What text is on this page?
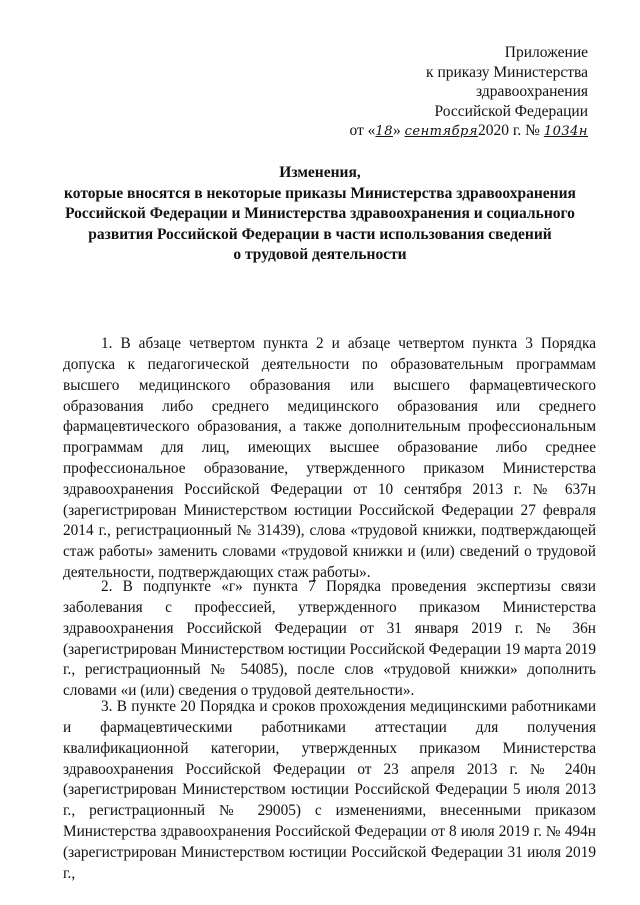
Приложение
к приказу Министерства
здравоохранения
Российской Федерации
от «18» сентября2020 г. № 1034н
Изменения,
которые вносятся в некоторые приказы Министерства здравоохранения
Российской Федерации и Министерства здравоохранения и социального
развития Российской Федерации в части использования сведений
о трудовой деятельности

1. В абзаце четвертом пункта 2 и абзаце четвертом пункта 3 Порядка допуска к педагогической деятельности по образовательным программам высшего медицинского образования или высшего фармацевтического образования либо среднего медицинского образования или среднего фармацевтического образования, а также дополнительным профессиональным программам для лиц, имеющих высшее образование либо среднее профессиональное образование, утвержденного приказом Министерства здравоохранения Российской Федерации от 10 сентября 2013 г. № 637н (зарегистрирован Министерством юстиции Российской Федерации 27 февраля 2014 г., регистрационный № 31439), слова «трудовой книжки, подтверждающей стаж работы» заменить словами «трудовой книжки и (или) сведений о трудовой деятельности, подтверждающих стаж работы».

2. В подпункте «г» пункта 7 Порядка проведения экспертизы связи заболевания с профессией, утвержденного приказом Министерства здравоохранения Российской Федерации от 31 января 2019 г. № 36н (зарегистрирован Министерством юстиции Российской Федерации 19 марта 2019 г., регистрационный № 54085), после слов «трудовой книжки» дополнить словами «и (или) сведения о трудовой деятельности».

3. В пункте 20 Порядка и сроков прохождения медицинскими работниками и фармацевтическими работниками аттестации для получения квалификационной категории, утвержденных приказом Министерства здравоохранения Российской Федерации от 23 апреля 2013 г. № 240н (зарегистрирован Министерством юстиции Российской Федерации 5 июля 2013 г., регистрационный № 29005) с изменениями, внесенными приказом Министерства здравоохранения Российской Федерации от 8 июля 2019 г. № 494н (зарегистрирован Министерством юстиции Российской Федерации 31 июля 2019 г.,
